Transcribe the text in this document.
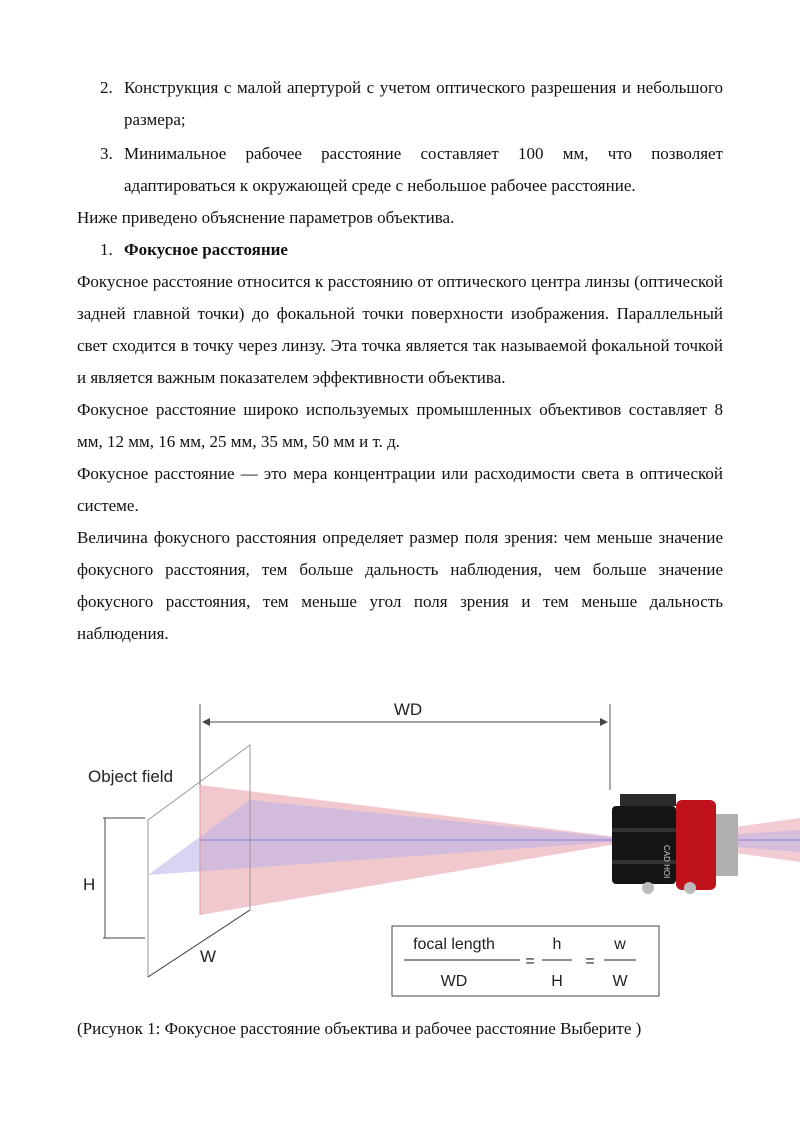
2. Конструкция с малой апертурой с учетом оптического разрешения и небольшого размера;
3. Минимальное рабочее расстояние составляет 100 мм, что позволяет адаптироваться к окружающей среде с небольшое рабочее расстояние.

Ниже приведено объяснение параметров объектива.

1. Фокусное расстояние

Фокусное расстояние относится к расстоянию от оптического центра линзы (оптической задней главной точки) до фокальной точки поверхности изображения. Параллельный свет сходится в точку через линзу. Эта точка является так называемой фокальной точкой и является важным показателем эффективности объектива.

Фокусное расстояние широко используемых промышленных объективов составляет 8 мм, 12 мм, 16 мм, 25 мм, 35 мм, 50 мм и т. д.

Фокусное расстояние — это мера концентрации или расходимости света в оптической системе.

Величина фокусного расстояния определяет размер поля зрения: чем меньше значение фокусного расстояния, тем больше дальность наблюдения, чем больше значение фокусного расстояния, тем меньше угол поля зрения и тем меньше дальность наблюдения.

WD
Object field
H
W
CAD HOI
focal length
WD
=
h
H
=
w
W
(Рисунок 1: Фокусное расстояние объектива и рабочее расстояние Выберите )
